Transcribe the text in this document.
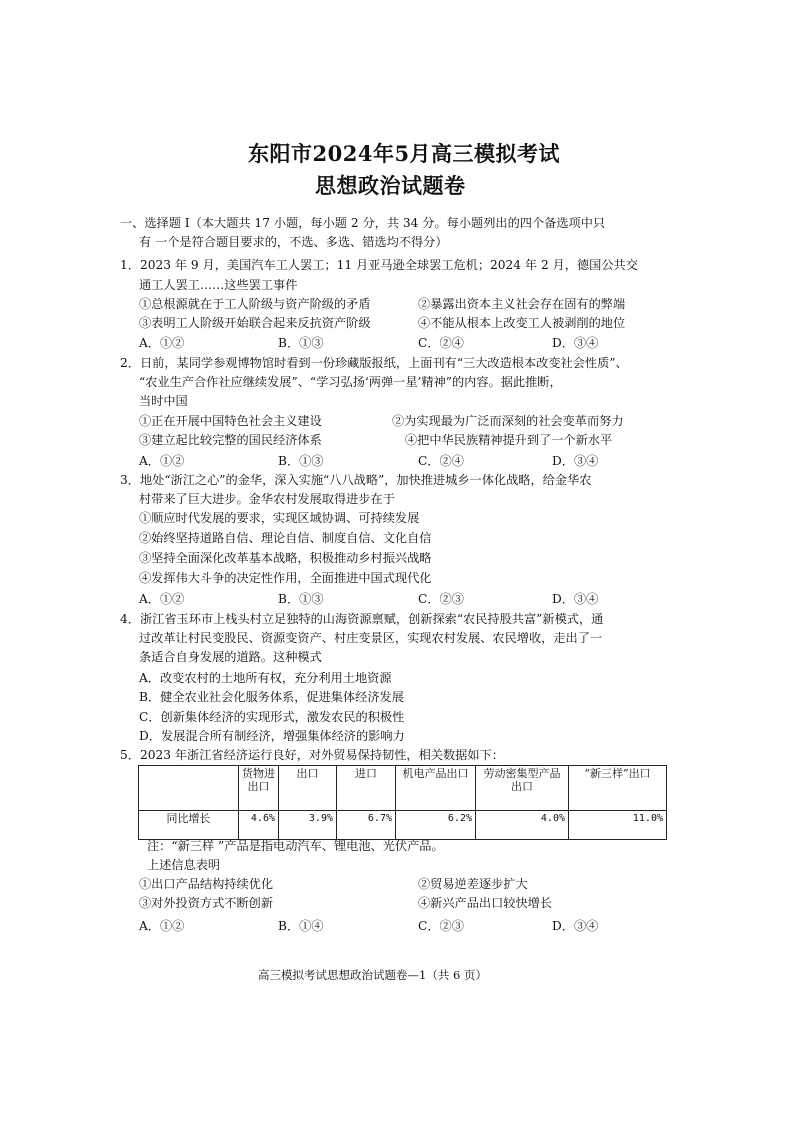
东阳市2024年5月高三模拟考试
思想政治试题卷
一、选择题 Ⅰ（本大题共 17 小题，每小题 2 分，共 34 分。每小题列出的四个备选项中只
有 一个是符合题目要求的，不选、多选、错选均不得分）
1．2023 年 9 月，美国汽车工人罢工；11 月亚马逊全球罢工危机；2024 年 2 月，德国公共交
通工人罢工……这些罢工事件
①总根源就在于工人阶级与资产阶级的矛盾	②暴露出资本主义社会存在固有的弊端
③表明工人阶级开始联合起来反抗资产阶级	④不能从根本上改变工人被剥削的地位
A．①②	B．①③	C．②④	D．③④
2．日前，某同学参观博物馆时看到一份珍藏版报纸，上面刊有“三大改造根本改变社会性质”、
“农业生产合作社应继续发展”、“学习弘扬‘两弹一星’精神”的内容。据此推断，
当时中国
①正在开展中国特色社会主义建设	②为实现最为广泛而深刻的社会变革而努力
③建立起比较完整的国民经济体系	④把中华民族精神提升到了一个新水平
A．①②	B．①③	C．②④	D．③④
3．地处“浙江之心”的金华，深入实施“八八战略”，加快推进城乡一体化战略，给金华农
村带来了巨大进步。金华农村发展取得进步在于
①顺应时代发展的要求，实现区域协调、可持续发展
②始终坚持道路自信、理论自信、制度自信、文化自信
③坚持全面深化改革基本战略，积极推动乡村振兴战略
④发挥伟大斗争的决定性作用，全面推进中国式现代化
A．①②	B．①③	C．②③	D．③④
4．浙江省玉环市上栈头村立足独特的山海资源禀赋，创新探索“农民持股共富”新模式，通
过改革让村民变股民、资源变资产、村庄变景区，实现农村发展、农民增收，走出了一
条适合自身发展的道路。这种模式
A．改变农村的土地所有权，充分利用土地资源
B．健全农业社会化服务体系，促进集体经济发展
C．创新集体经济的实现形式，激发农民的积极性
D．发展混合所有制经济，增强集体经济的影响力
5．2023 年浙江省经济运行良好，对外贸易保持韧性，相关数据如下：
	货物进出口	出口	进口	机电产品出口	劳动密集型产品出口	“新三样”出口
同比增长	4.6%	3.9%	6.7%	6.2%	4.0%	11.0%
注：“新三样 ”产品是指电动汽车、锂电池、光伏产品。
上述信息表明
①出口产品结构持续优化	②贸易逆差逐步扩大
③对外投资方式不断创新	④新兴产品出口较快增长
A．①②	B．①④	C．②③	D．③④
高三模拟考试思想政治试题卷—1（共 6 页）
